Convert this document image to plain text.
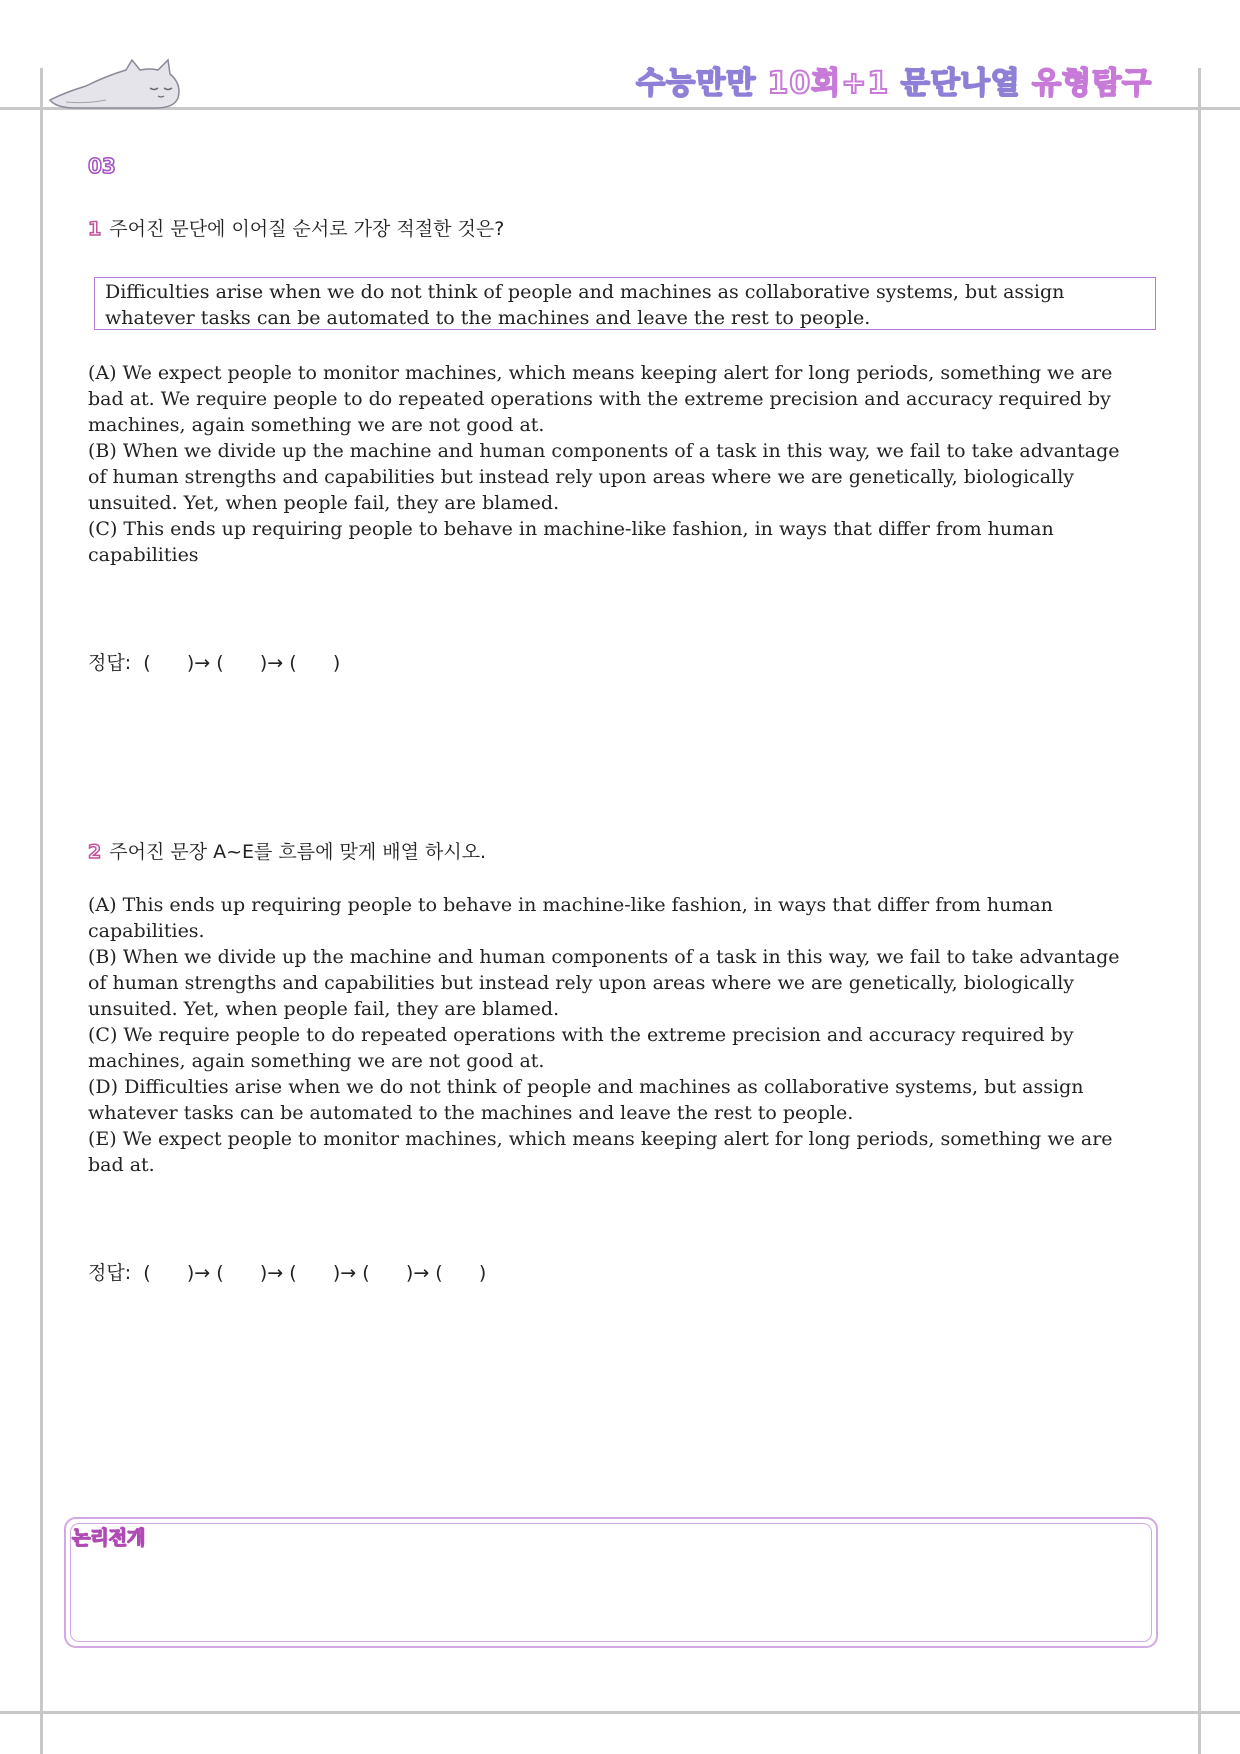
수능만만 10회+1 문단나열 유형탐구
03
1 주어진 문단에 이어질 순서로 가장 적절한 것은?
Difficulties arise when we do not think of people and machines as collaborative systems, but assign whatever tasks can be automated to the machines and leave the rest to people.

(A) We expect people to monitor machines, which means keeping alert for long periods, something we are bad at. We require people to do repeated operations with the extreme precision and accuracy required by machines, again something we are not good at.

(B) When we divide up the machine and human components of a task in this way, we fail to take advantage of human strengths and capabilities but instead rely upon areas where we are genetically, biologically unsuited. Yet, when people fail, they are blamed.

(C) This ends up requiring people to behave in machine-like fashion, in ways that differ from human capabilities

정답:  (      )→ (      )→ (      )
2 주어진 문장 A~E를 흐름에 맞게 배열 하시오.

(A) This ends up requiring people to behave in machine-like fashion, in ways that differ from human capabilities.

(B) When we divide up the machine and human components of a task in this way, we fail to take advantage of human strengths and capabilities but instead rely upon areas where we are genetically, biologically unsuited. Yet, when people fail, they are blamed.

(C) We require people to do repeated operations with the extreme precision and accuracy required by machines, again something we are not good at.

(D) Difficulties arise when we do not think of people and machines as collaborative systems, but assign whatever tasks can be automated to the machines and leave the rest to people.

(E) We expect people to monitor machines, which means keeping alert for long periods, something we are bad at.

정답:  (      )→ (      )→ (      )→ (      )→ (      )
논리전개
